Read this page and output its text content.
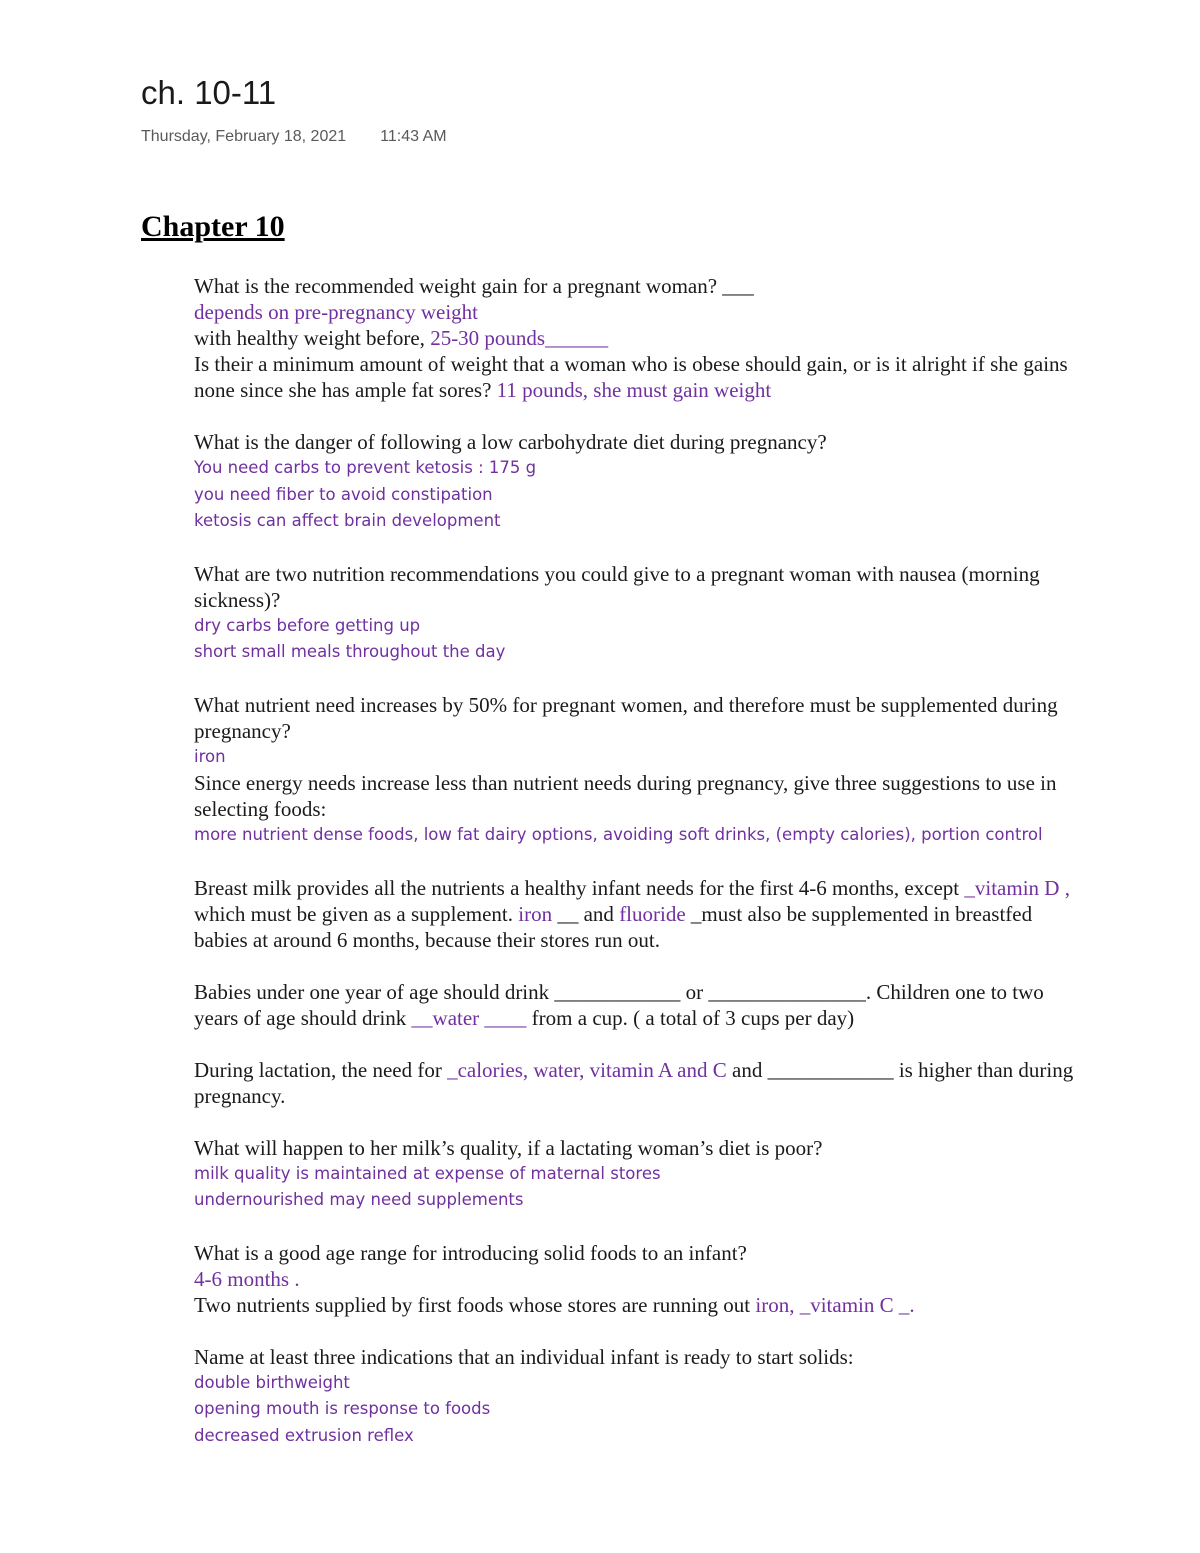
ch. 10-11
Thursday, February 18, 2021 11:43 AM
Chapter 10

What is the recommended weight gain for a pregnant woman? ___

depends on pre-pregnancy weight

with healthy weight before, 25-30 pounds______

Is their a minimum amount of weight that a woman who is obese should gain, or is it alright if she gains none since she has ample fat sores? 11 pounds, she must gain weight

What is the danger of following a low carbohydrate diet during pregnancy?

You need carbs to prevent ketosis : 175 g

you need fiber to avoid constipation

ketosis can affect brain development

What are two nutrition recommendations you could give to a pregnant woman with nausea (morning sickness)?

dry carbs before getting up

short small meals throughout the day

What nutrient need increases by 50% for pregnant women, and therefore must be supplemented during pregnancy?

iron

Since energy needs increase less than nutrient needs during pregnancy, give three suggestions to use in selecting foods:

more nutrient dense foods, low fat dairy options, avoiding soft drinks, (empty calories), portion control

Breast milk provides all the nutrients a healthy infant needs for the first 4-6 months, except _vitamin D , which must be given as a supplement. iron __ and fluoride _must also be supplemented in breastfed babies at around 6 months, because their stores run out.

Babies under one year of age should drink ____________ or _______________. Children one to two years of age should drink __water ____ from a cup. ( a total of 3 cups per day)

During lactation, the need for _calories, water, vitamin A and C and ____________ is higher than during pregnancy.

What will happen to her milk’s quality, if a lactating woman’s diet is poor?

milk quality is maintained at expense of maternal stores

undernourished may need supplements

What is a good age range for introducing solid foods to an infant?

4-6 months .

Two nutrients supplied by first foods whose stores are running out iron, _vitamin C _.

Name at least three indications that an individual infant is ready to start solids:

double birthweight

opening mouth is response to foods

decreased extrusion reflex
